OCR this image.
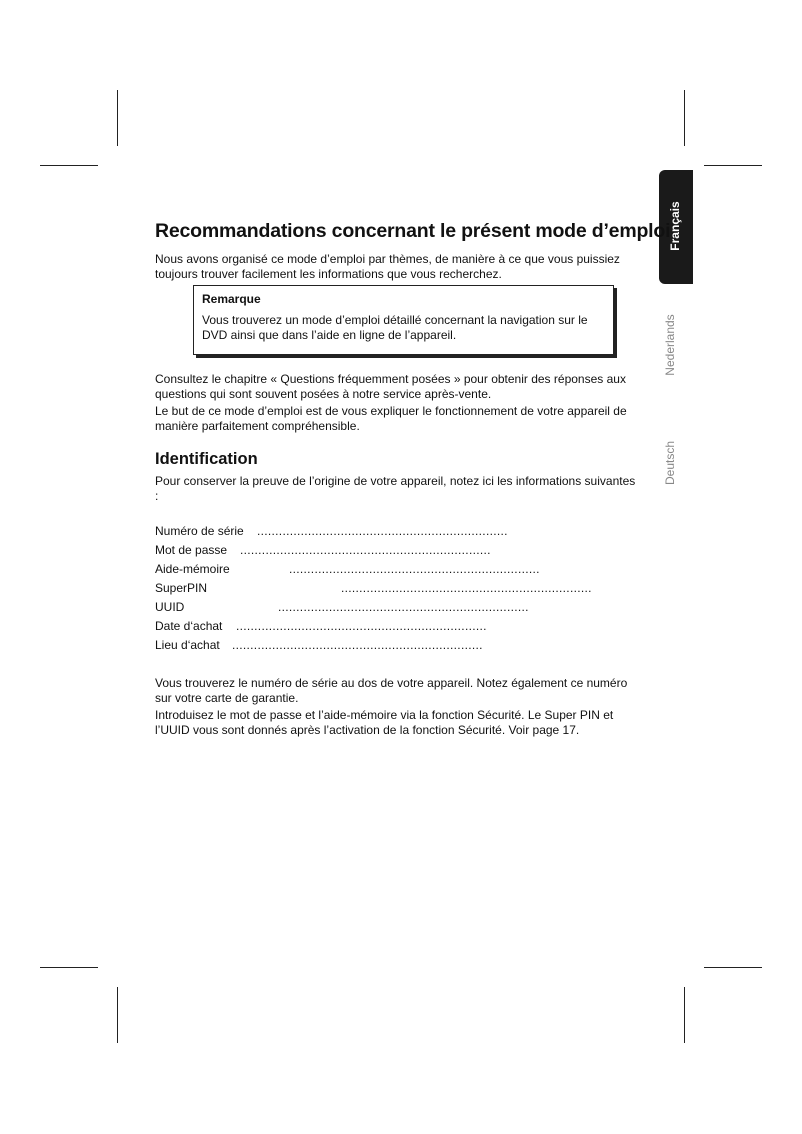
Français
Nederlands
Deutsch
Recommandations concernant le présent mode d’emploi

Nous avons organisé ce mode d’emploi par thèmes, de manière à ce que vous puissiez toujours trouver facilement les informations que vous recherchez.

Remarque

Vous trouverez un mode d’emploi détaillé concernant la navigation sur le DVD ainsi que dans l’aide en ligne de l’appareil.

Consultez le chapitre « Questions fréquemment posées » pour obtenir des réponses aux questions qui sont souvent posées à notre service après-vente.

Le but de ce mode d’emploi est de vous expliquer le fonctionnement de votre appareil de manière parfaitement compréhensible.

Identification

Pour conserver la preuve de l’origine de votre appareil, notez ici les informations suivantes :

Numéro de série .....................................................................
Mot de passe .....................................................................
Aide-mémoire	.....................................................................
SuperPIN	.....................................................................
UUID	.....................................................................
Date d‘achat .....................................................................
Lieu d‘achat .....................................................................

Vous trouverez le numéro de série au dos de votre appareil. Notez également ce numéro sur votre carte de garantie.

Introduisez le mot de passe et l’aide-mémoire via la fonction Sécurité. Le Super PIN et l’UUID vous sont donnés après l’activation de la fonction Sécurité. Voir page 17.
